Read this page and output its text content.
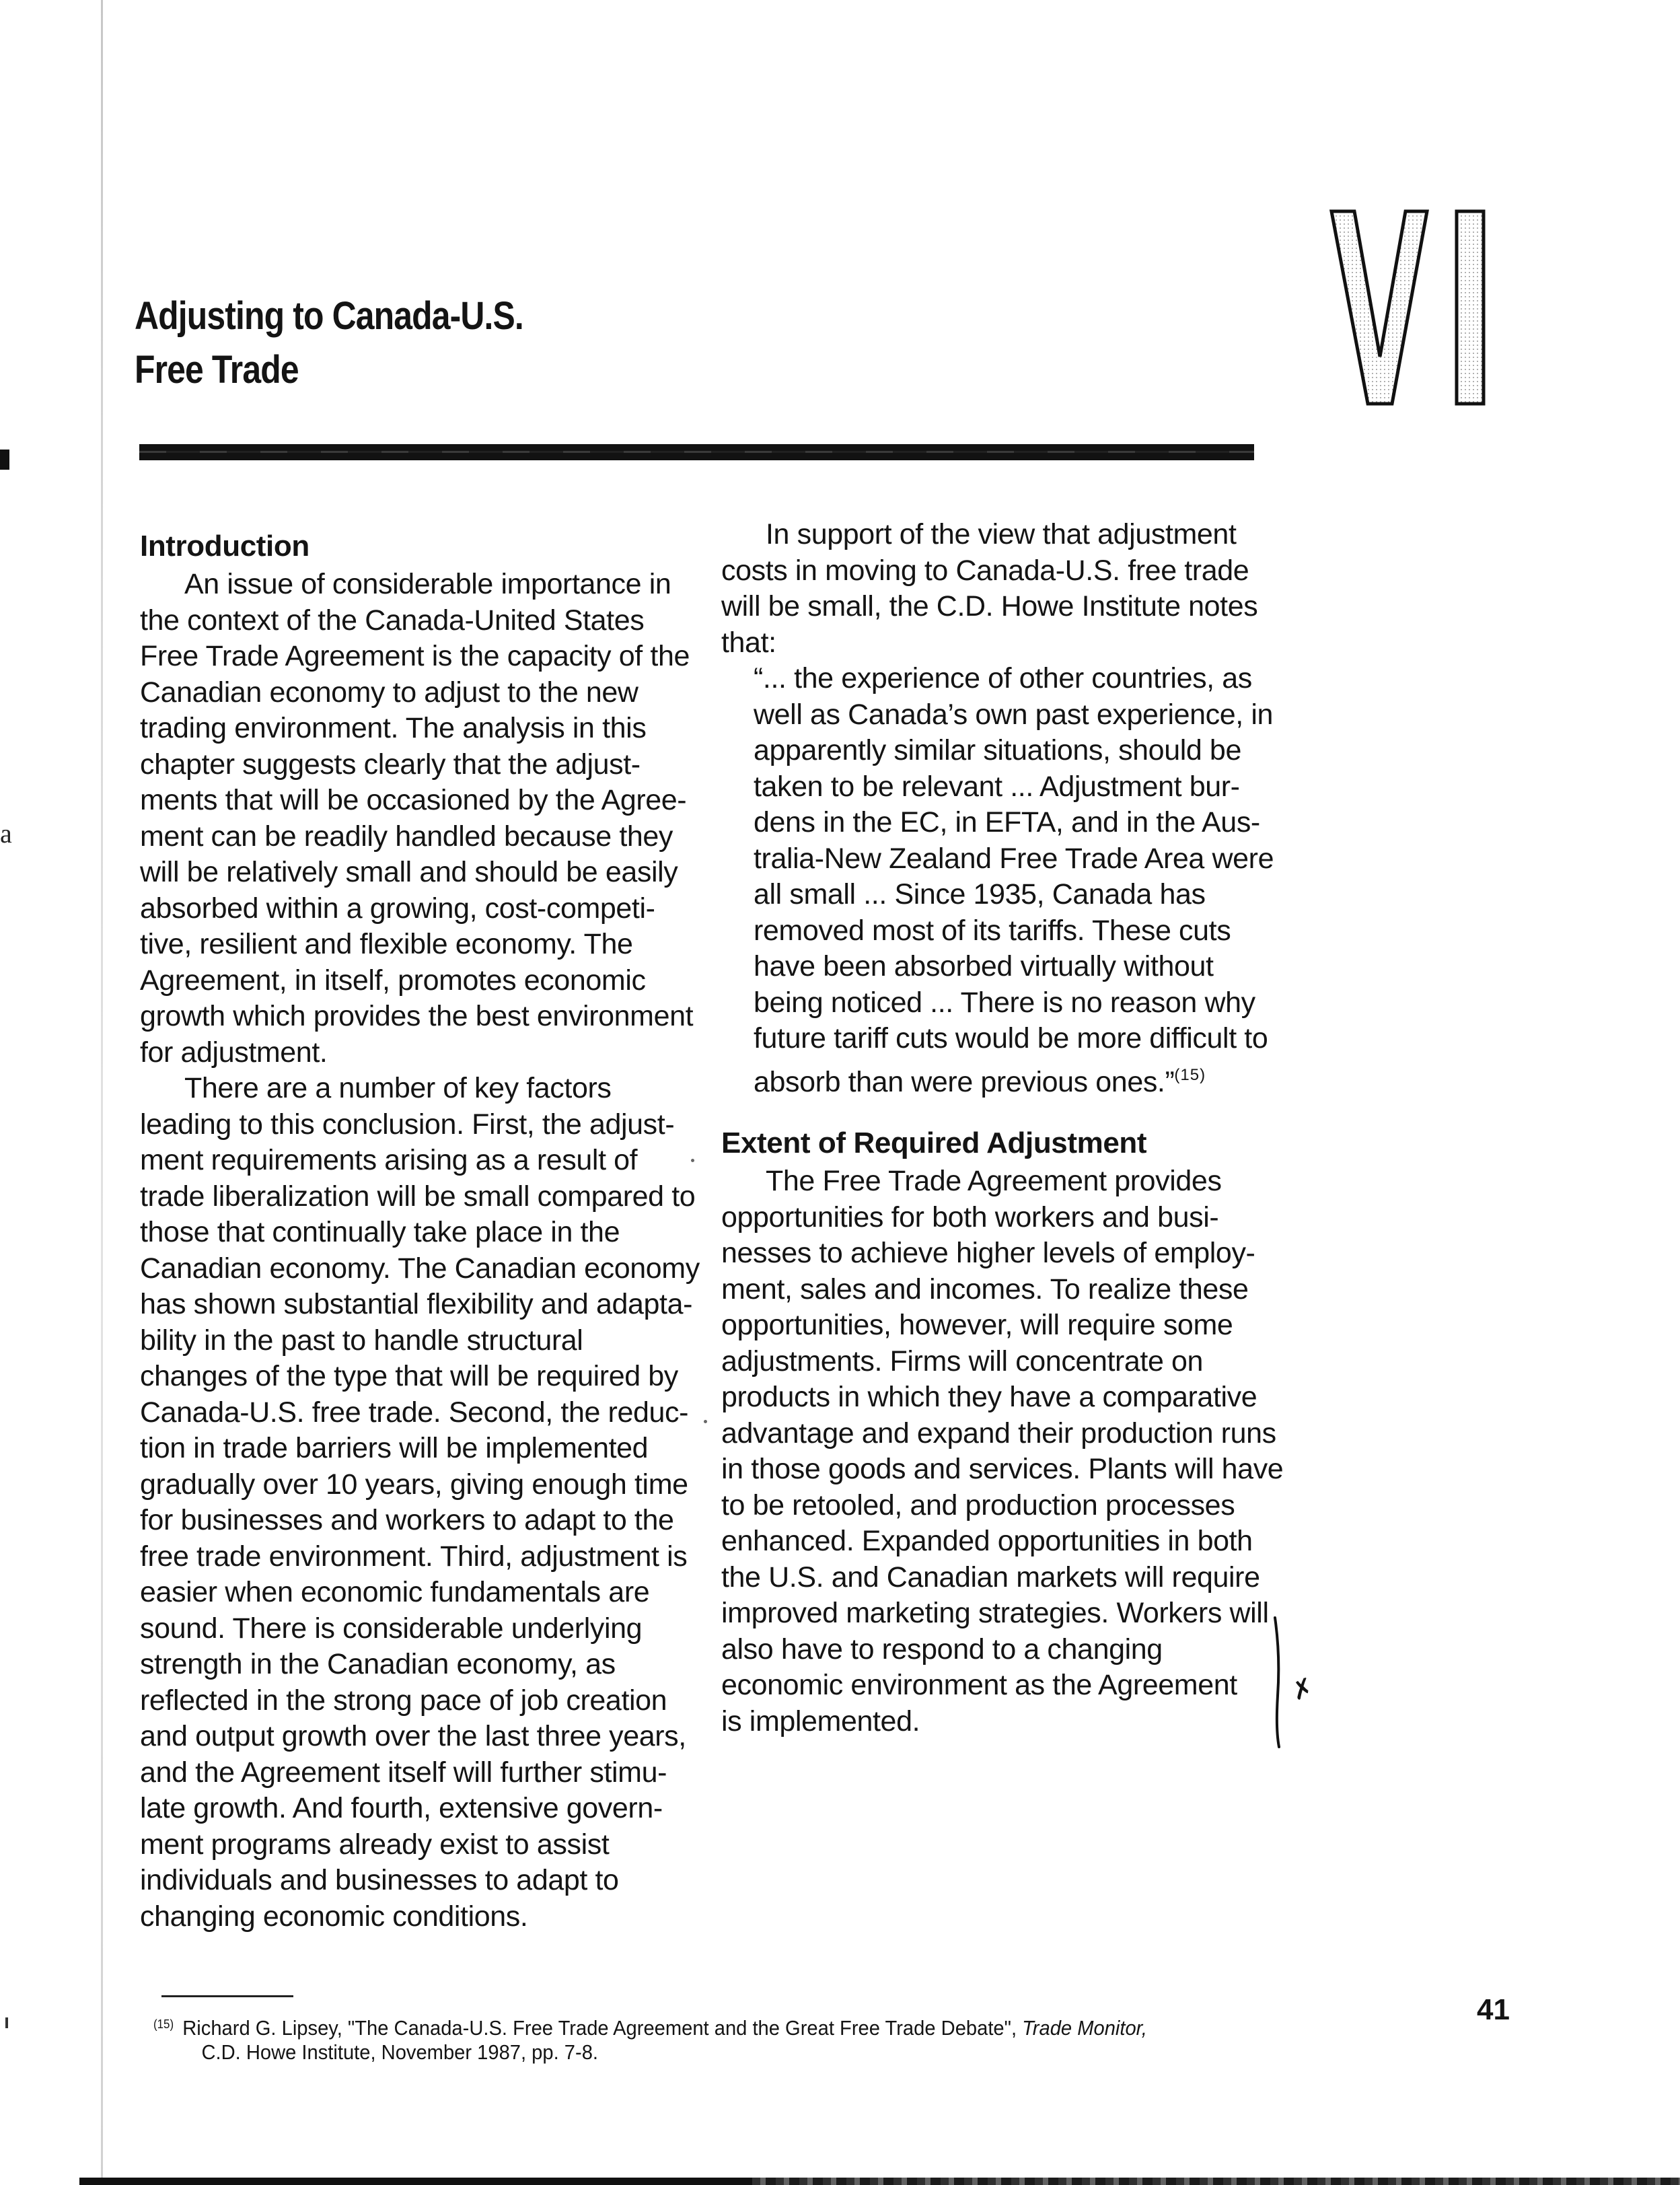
a
Adjusting to Canada-U.S.
Free Trade
VI

Introduction

An issue of considerable importance in
the context of the Canada-United States
Free Trade Agreement is the capacity of the
Canadian economy to adjust to the new
trading environment. The analysis in this
chapter suggests clearly that the adjust-
ments that will be occasioned by the Agree-
ment can be readily handled because they
will be relatively small and should be easily
absorbed within a growing, cost-competi-
tive, resilient and flexible economy. The
Agreement, in itself, promotes economic
growth which provides the best environment
for adjustment.

There are a number of key factors
leading to this conclusion. First, the adjust-
ment requirements arising as a result of
trade liberalization will be small compared to
those that continually take place in the
Canadian economy. The Canadian economy
has shown substantial flexibility and adapta-
bility in the past to handle structural
changes of the type that will be required by
Canada-U.S. free trade. Second, the reduc-
tion in trade barriers will be implemented
gradually over 10 years, giving enough time
for businesses and workers to adapt to the
free trade environment. Third, adjustment is
easier when economic fundamentals are
sound. There is considerable underlying
strength in the Canadian economy, as
reflected in the strong pace of job creation
and output growth over the last three years,
and the Agreement itself will further stimu-
late growth. And fourth, extensive govern-
ment programs already exist to assist
individuals and businesses to adapt to
changing economic conditions.

In support of the view that adjustment
costs in moving to Canada-U.S. free trade
will be small, the C.D. Howe Institute notes
that:

“... the experience of other countries, as
well as Canada’s own past experience, in
apparently similar situations, should be
taken to be relevant ... Adjustment bur-
dens in the EC, in EFTA, and in the Aus-
tralia-New Zealand Free Trade Area were
all small ... Since 1935, Canada has
removed most of its tariffs. These cuts
have been absorbed virtually without
being noticed ... There is no reason why
future tariff cuts would be more difficult to
absorb than were previous ones.”$^{(15)}$

Extent of Required Adjustment

The Free Trade Agreement provides
opportunities for both workers and busi-
nesses to achieve higher levels of employ-
ment, sales and incomes. To realize these
opportunities, however, will require some
adjustments. Firms will concentrate on
products in which they have a comparative
advantage and expand their production runs
in those goods and services. Plants will have
to be retooled, and production processes
enhanced. Expanded opportunities in both
the U.S. and Canadian markets will require
improved marketing strategies. Workers will
also have to respond to a changing
economic environment as the Agreement
is implemented.

✗
$^{(15)}$ Richard G. Lipsey, "The Canada-U.S. Free Trade Agreement and the Great Free Trade Debate", Trade Monitor,
C.D. Howe Institute, November 1987, pp. 7-8.
41
